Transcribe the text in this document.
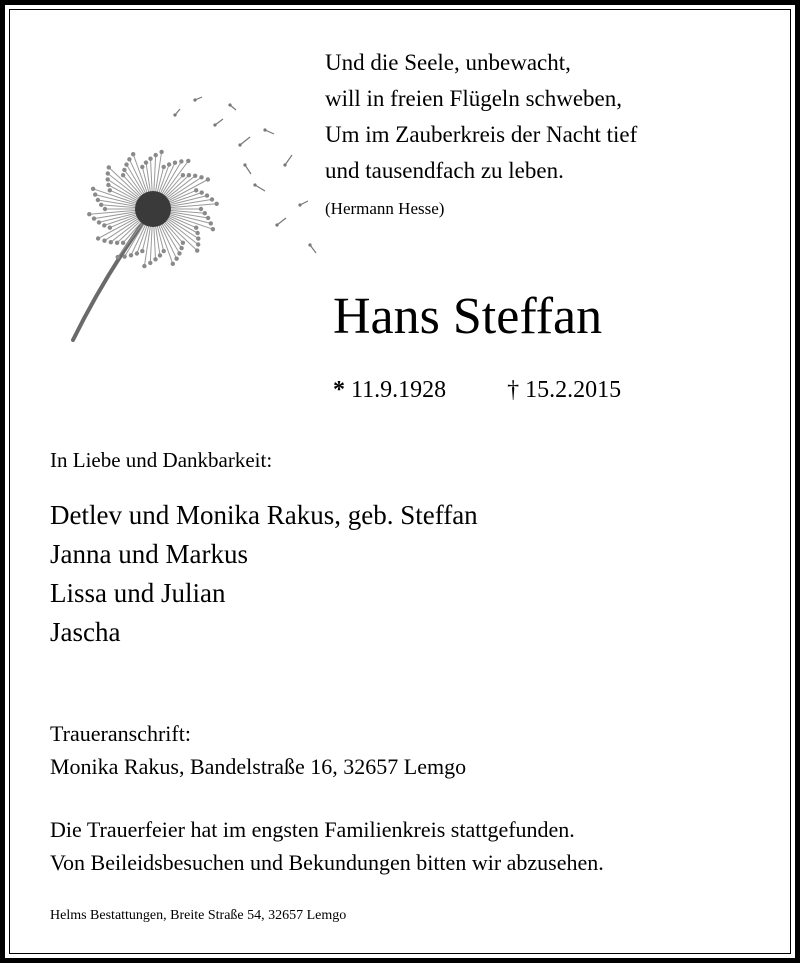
Und die Seele, unbewacht,
will in freien Flügeln schweben,
Um im Zauberkreis der Nacht tief
und tausendfach zu leben.
(Hermann Hesse)
Hans Steffan
* 11.9.1928	† 15.2.2015
In Liebe und Dankbarkeit:
Detlev und Monika Rakus, geb. Steffan
Janna und Markus
Lissa und Julian
Jascha
Traueranschrift:
Monika Rakus, Bandelstraße 16, 32657 Lemgo
Die Trauerfeier hat im engsten Familienkreis stattgefunden.
Von Beileidsbesuchen und Bekundungen bitten wir abzusehen.
Helms Bestattungen, Breite Straße 54, 32657 Lemgo
